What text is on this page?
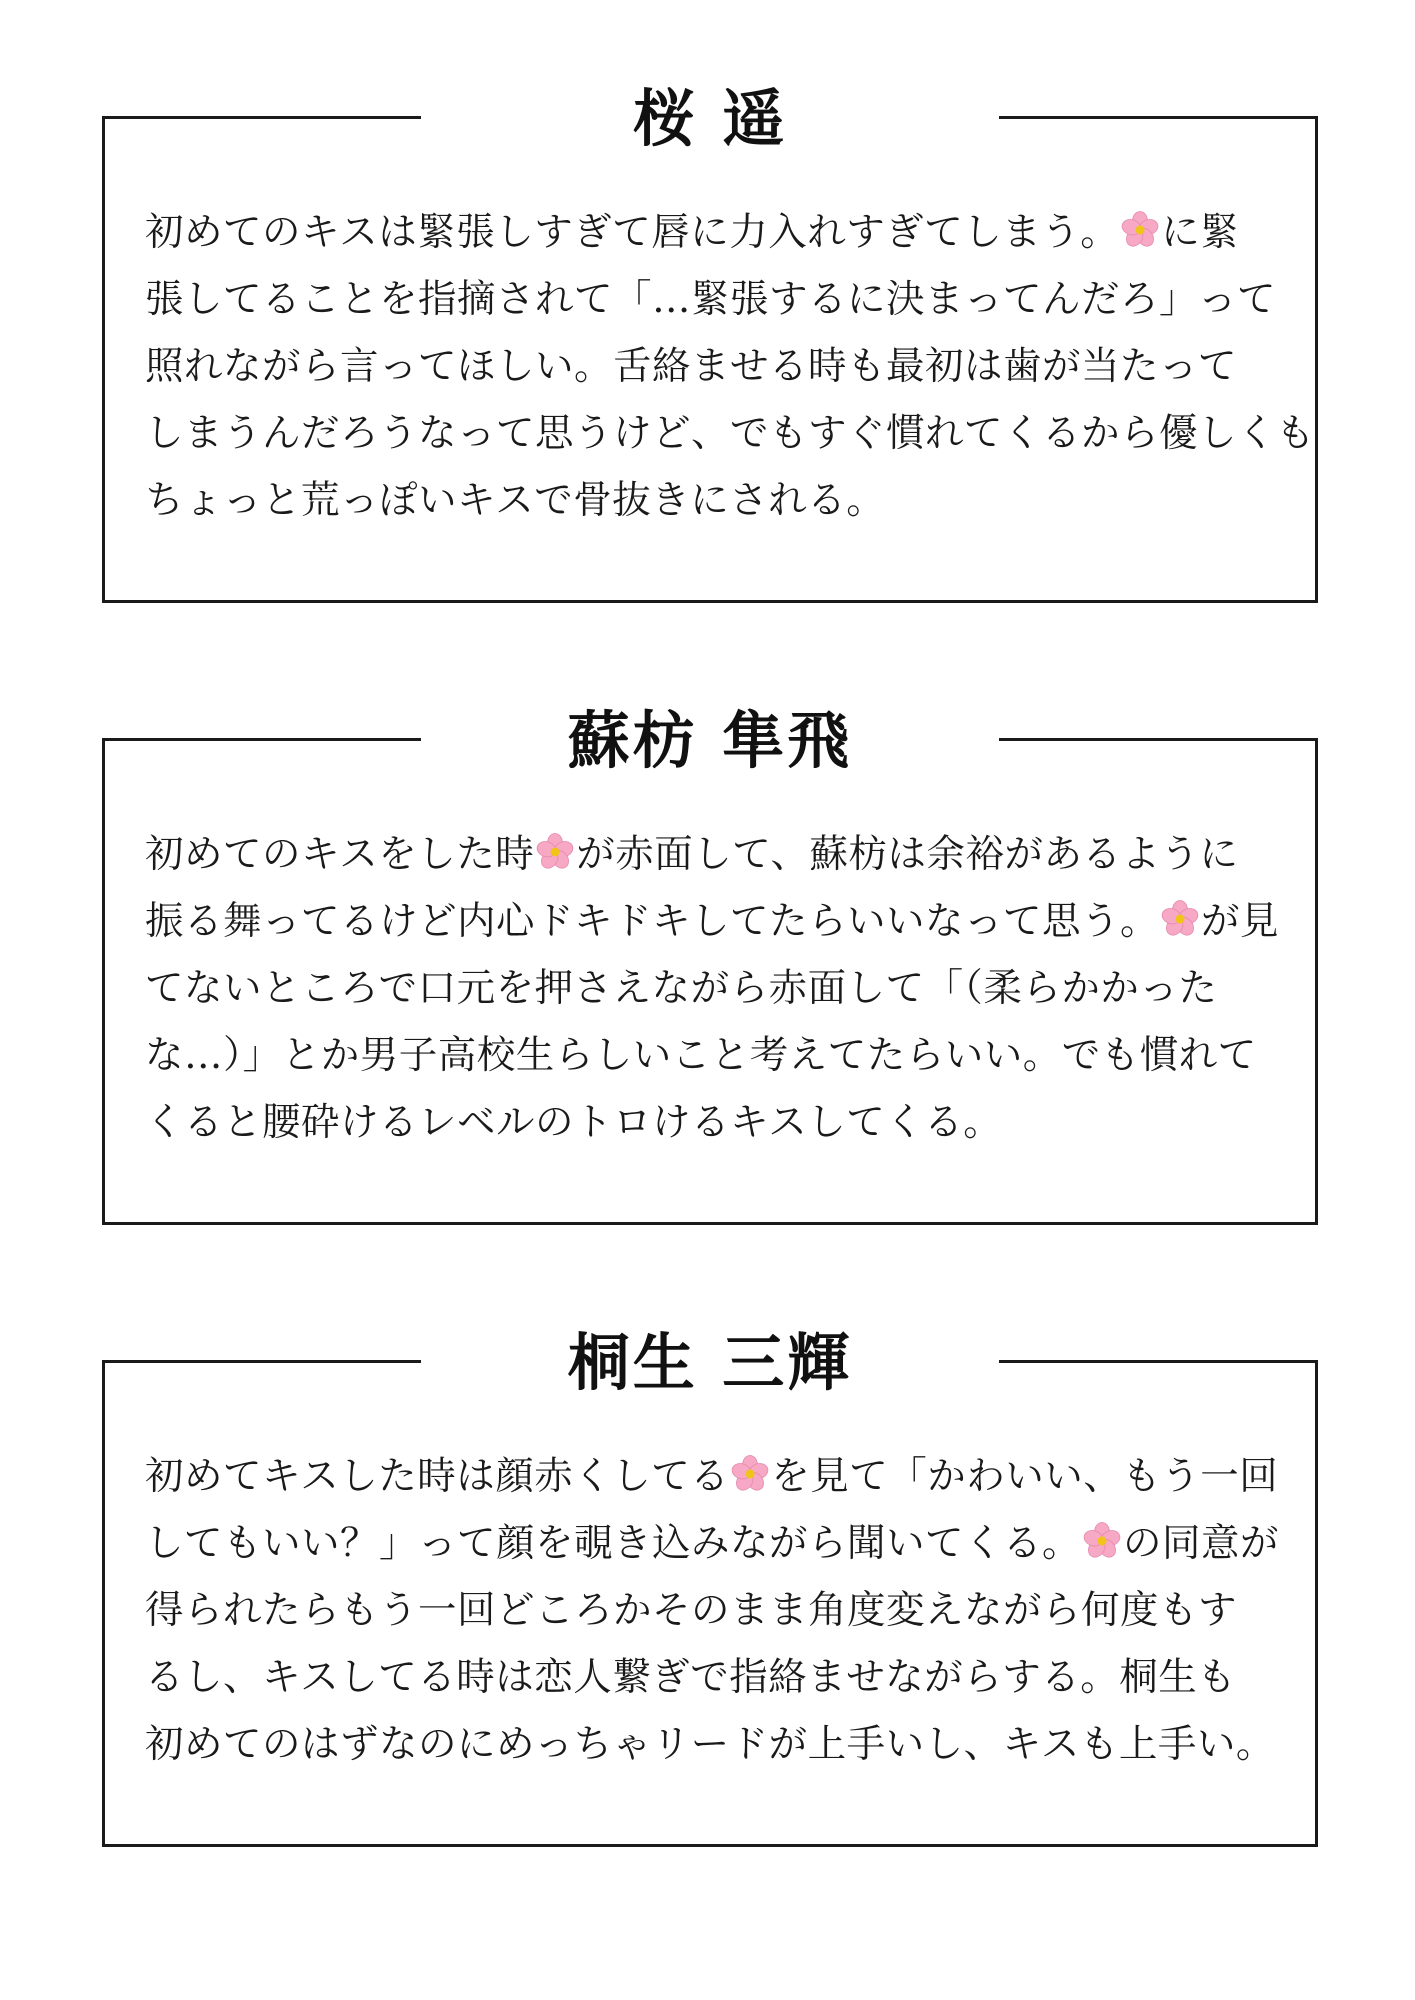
桜 遥

初めてのキスは緊張しすぎて唇に力入れすぎてしまう。 に緊
張してることを指摘されて「…緊張するに決まってんだろ」って
照れながら言ってほしい。舌絡ませる時も最初は歯が当たって
しまうんだろうなって思うけど、でもすぐ慣れてくるから優しくも
ちょっと荒っぽいキスで骨抜きにされる。

蘇枋 隼飛

初めてのキスをした時 が赤面して、蘇枋は余裕があるように
振る舞ってるけど内心ドキドキしてたらいいなって思う。 が見
てないところで口元を押さえながら赤面して「（柔らかかった
な…）」とか男子高校生らしいこと考えてたらいい。でも慣れて
くると腰砕けるレベルのトロけるキスしてくる。

桐生 三輝

初めてキスした時は顔赤くしてる を見て「かわいい、もう一回
してもいい？」って顔を覗き込みながら聞いてくる。 の同意が
得られたらもう一回どころかそのまま角度変えながら何度もす
るし、キスしてる時は恋人繋ぎで指絡ませながらする。桐生も
初めてのはずなのにめっちゃリードが上手いし、キスも上手い。
